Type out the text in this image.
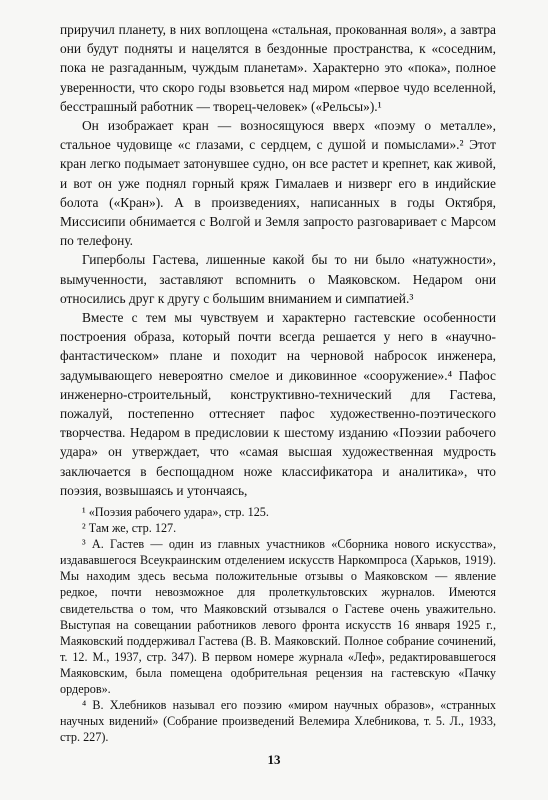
приручил планету, в них воплощена «стальная, прокованная воля», а завтра они будут подняты и нацелятся в бездонные пространства, к «соседним, пока не разгаданным, чуждым планетам». Характерно это «пока», полное уверенности, что скоро годы взовьется над миром «первое чудо вселенной, бесстрашный работник — творец-человек» («Рельсы»).¹

Он изображает кран — возносящуюся вверх «поэму о металле», стальное чудовище «с глазами, с сердцем, с душой и помыслами».² Этот кран легко подымает затонувшее судно, он все растет и крепнет, как живой, и вот он уже поднял горный кряж Гималаев и низверг его в индийские болота («Кран»). А в произведениях, написанных в годы Октября, Миссисипи обнимается с Волгой и Земля запросто разговаривает с Марсом по телефону.

Гиперболы Гастева, лишенные какой бы то ни было «натужности», вымученности, заставляют вспомнить о Маяковском. Недаром они относились друг к другу с большим вниманием и симпатией.³

Вместе с тем мы чувствуем и характерно гастевские особенности построения образа, который почти всегда решается у него в «научно-фантастическом» плане и походит на черновой набросок инженера, задумывающего невероятно смелое и диковинное «сооружение».⁴ Пафос инженерно-строительный, конструктивно-технический для Гастева, пожалуй, постепенно оттесняет пафос художественно-поэтического творчества. Недаром в предисловии к шестому изданию «Поэзии рабочего удара» он утверждает, что «самая высшая художественная мудрость заключается в беспощадном ноже классификатора и аналитика», что поэзия, возвышаясь и утончаясь,

¹ «Поэзия рабочего удара», стр. 125.

² Там же, стр. 127.

³ А. Гастев — один из главных участников «Сборника нового искусства», издававшегося Всеукраинским отделением искусств Наркомпроса (Харьков, 1919). Мы находим здесь весьма положительные отзывы о Маяковском — явление редкое, почти невозможное для пролеткультовских журналов. Имеются свидетельства о том, что Маяковский отзывался о Гастеве очень уважительно. Выступая на совещании работников левого фронта искусств 16 января 1925 г., Маяковский поддерживал Гастева (В. В. Маяковский. Полное собрание сочинений, т. 12. М., 1937, стр. 347). В первом номере журнала «Леф», редактировавшегося Маяковским, была помещена одобрительная рецензия на гастевскую «Пачку ордеров».

⁴ В. Хлебников называл его поэзию «миром научных образов», «странных научных видений» (Собрание произведений Велемира Хлебникова, т. 5. Л., 1933, стр. 227).

13
